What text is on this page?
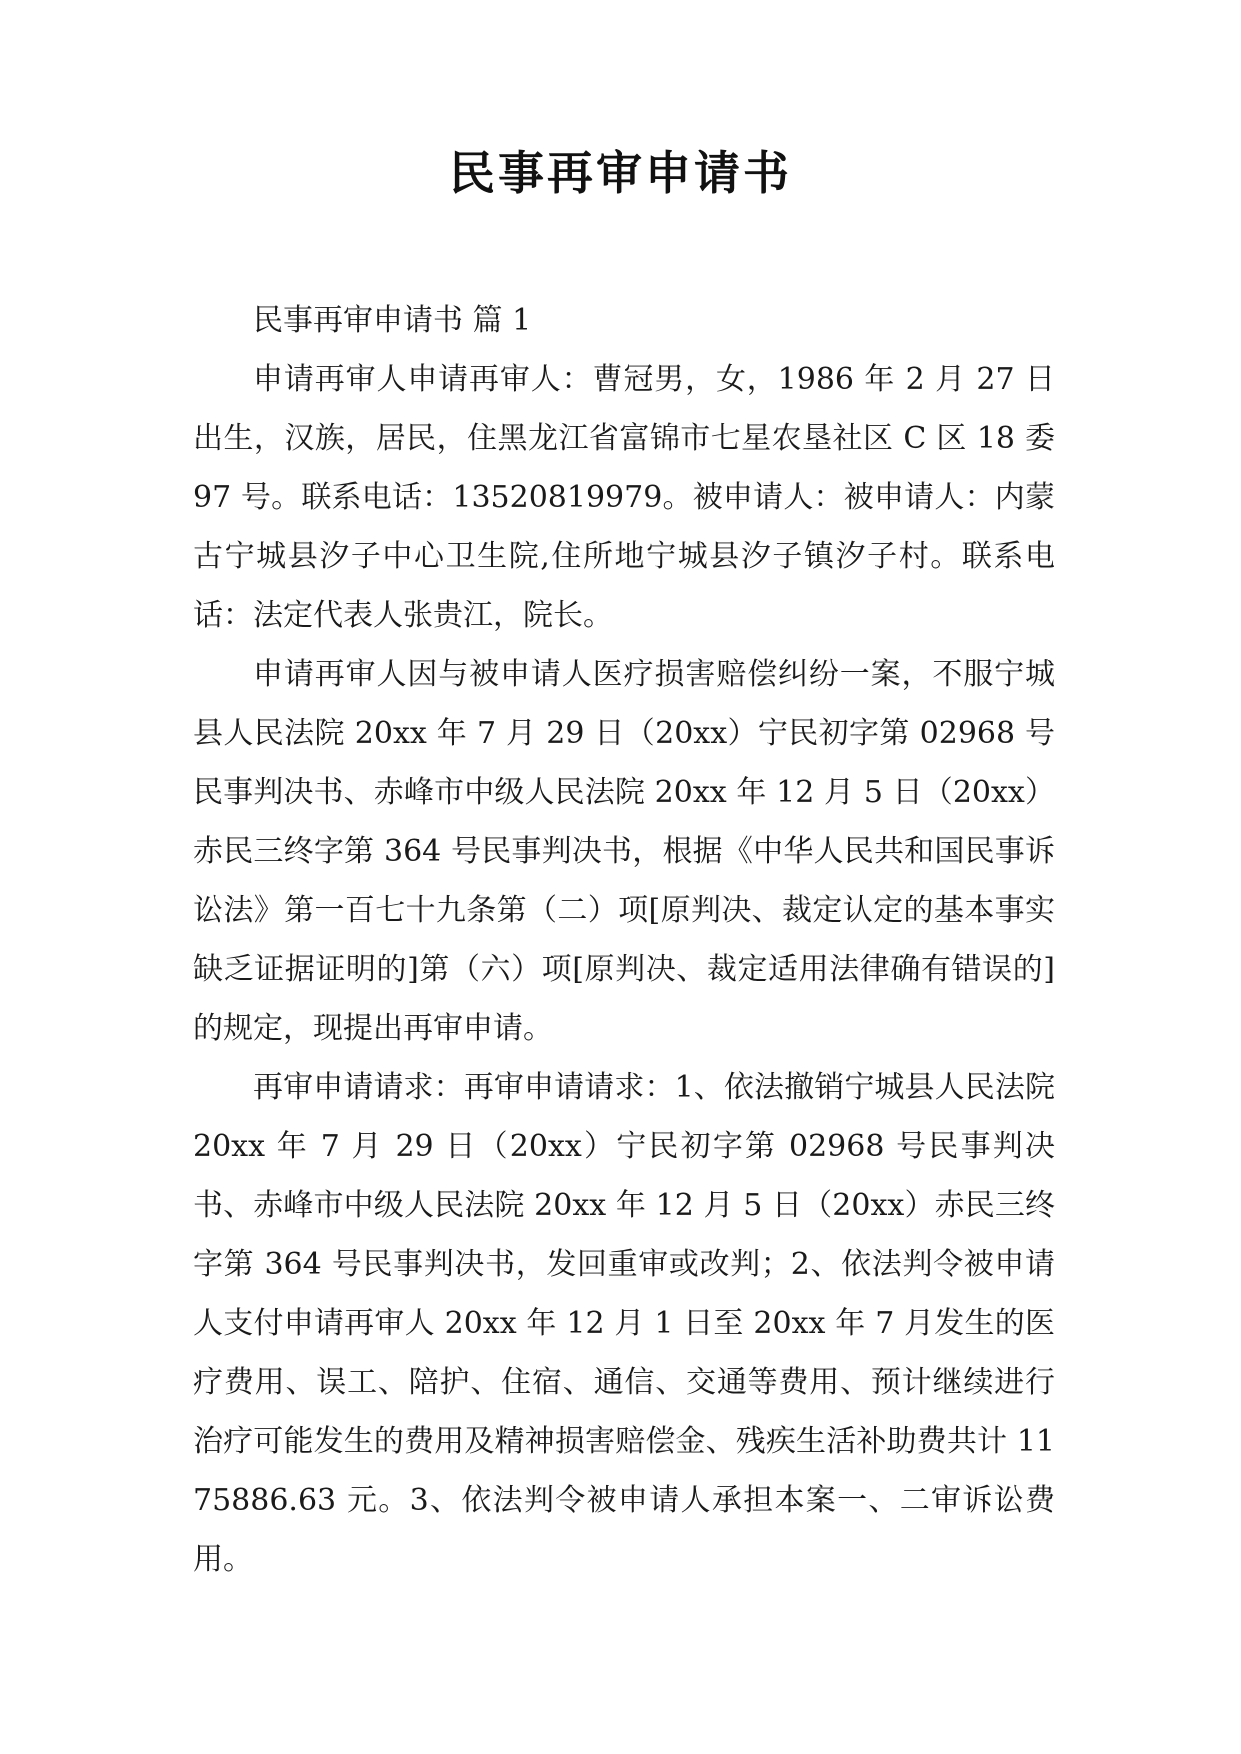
民事再审申请书

民事再审申请书 篇 1

申请再审人申请再审人：曹冠男，女，1986 年 2 月 27 日出生，汉族，居民，住黑龙江省富锦市七星农垦社区 C 区 18 委 97 号。联系电话：13520819979。被申请人：被申请人：内蒙古宁城县汐子中心卫生院,住所地宁城县汐子镇汐子村。联系电话：法定代表人张贵江，院长。

申请再审人因与被申请人医疗损害赔偿纠纷一案，不服宁城县人民法院 20xx 年 7 月 29 日（20xx）宁民初字第 02968 号民事判决书、赤峰市中级人民法院 20xx 年 12 月 5 日（20xx）赤民三终字第 364 号民事判决书，根据《中华人民共和国民事诉讼法》第一百七十九条第（二）项[原判决、裁定认定的基本事实缺乏证据证明的]第（六）项[原判决、裁定适用法律确有错误的]的规定，现提出再审申请。

再审申请请求：再审申请请求：1、依法撤销宁城县人民法院 20xx 年 7 月 29 日（20xx）宁民初字第 02968 号民事判决书、赤峰市中级人民法院 20xx 年 12 月 5 日（20xx）赤民三终字第 364 号民事判决书，发回重审或改判；2、依法判令被申请人支付申请再审人 20xx 年 12 月 1 日至 20xx 年 7 月发生的医疗费用、误工、陪护、住宿、通信、交通等费用、预计继续进行治疗可能发生的费用及精神损害赔偿金、残疾生活补助费共计 1175886.63 元。3、依法判令被申请人承担本案一、二审诉讼费用。
